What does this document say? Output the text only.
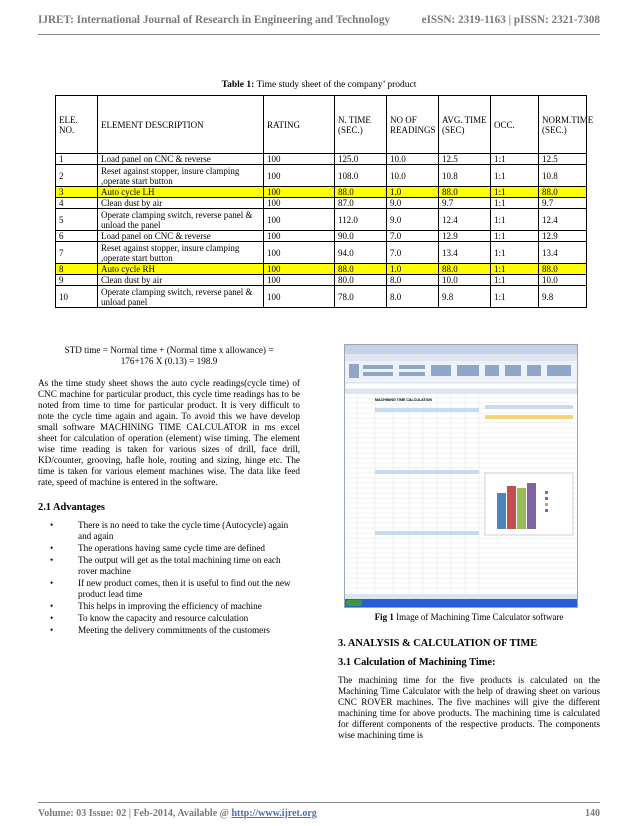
IJRET: International Journal of Research in Engineering and Technology	eISSN: 2319-1163 | pISSN: 2321-7308
Table 1: Time study sheet of the company’ product
ELE. NO.	ELEMENT DESCRIPTION	RATING	N. TIME (SEC.)	NO OF READINGS	AVG. TIME (SEC)	OCC.	NORM.TIME (SEC.)
1	Load panel on CNC & reverse	100	125.0	10.0	12.5	1:1	12.5
2	Reset against stopper, insure clamping ,operate start button	100	108.0	10.0	10.8	1:1	10.8
3	Auto cycle LH	100	88.0	1.0	88.0	1:1	88.0
4	Clean dust by air	100	87.0	9.0	9.7	1:1	9.7
5	Operate clamping switch, reverse panel & unload the panel	100	112.0	9.0	12.4	1:1	12.4
6	Load panel on CNC & reverse	100	90.0	7.0	12.9	1:1	12.9
7	Reset against stopper, insure clamping ,operate start button	100	94.0	7.0	13.4	1:1	13.4
8	Auto cycle RH	100	88.0	1.0	88.0	1:1	88.0
9	Clean dust by air	100	80.0	8.0	10.0	1:1	10.0
10	Operate clamping switch, reverse panel & unload panel	100	78.0	8.0	9.8	1:1	9.8
STD time = Normal time + (Normal time x allowance) =
176+176 X (0.13) = 198.9
As the time study sheet shows the auto cycle readings(cycle time) of CNC machine for particular product, this cycle time readings has to be noted from time to time for particular product. It is very difficult to note the cycle time again and again. To avoid this we have develop small software MACHINING TIME CALCULATOR in ms excel sheet for calculation of operation (element) wise timing. The element wise time reading is taken for various sizes of drill, face drill, KD/counter, grooving, hafle hole, routing and sizing, hinge etc. The time is taken for various element machines wise. The data like feed rate, speed of machine is entered in the software.
2.1 Advantages
•	There is no need to take the cycle time (Autocycle) again and again
•	The operations having same cycle time are defined
•	The output will get as the total machining time on each rover machine
•	If new product comes, then it is useful to find out the new product lead time
•	This helps in improving the efficiency of machine
•	To know the capacity and resource calculation
•	Meeting the delivery commitments of the customers
MACHINING TIME CALCULATION
Fig 1 Image of Machining Time Calculator software
3. ANALYSIS & CALCULATION OF TIME
3.1 Calculation of Machining Time:
The machining time for the five products is calculated on the Machining Time Calculator with the help of drawing sheet on various CNC ROVER machines. The five machines will give the different machining time for above products. The machining time is calculated for different components of the respective products. The components wise machining time is
Volume: 03 Issue: 02 | Feb-2014, Available @ http://www.ijret.org	140
